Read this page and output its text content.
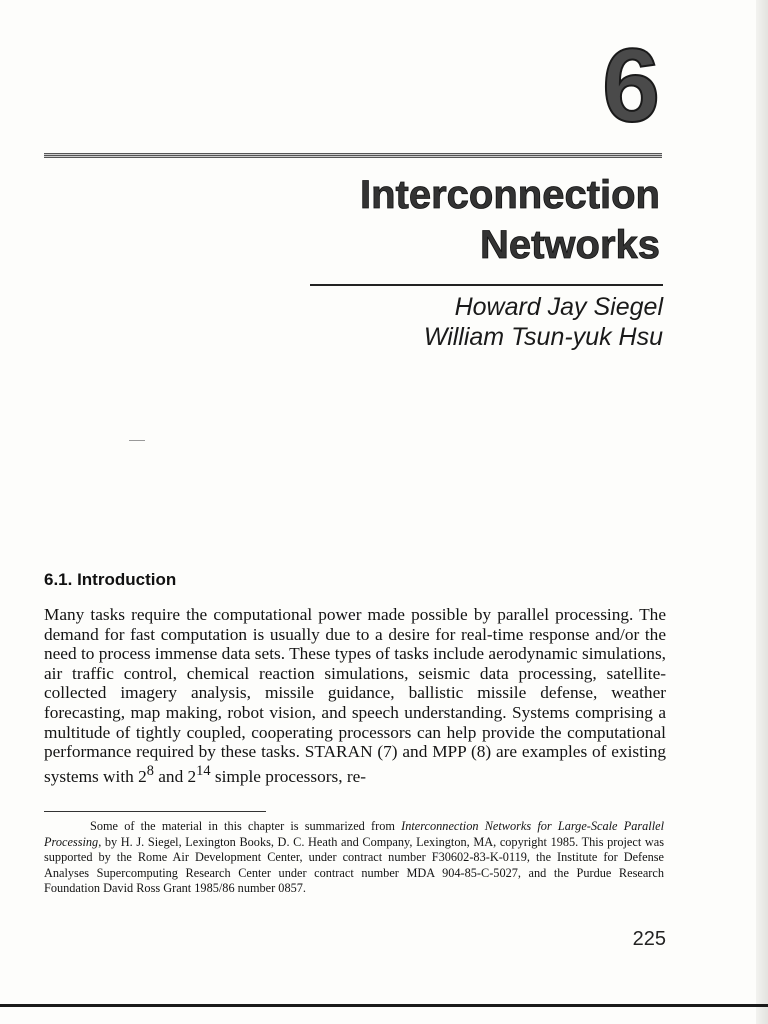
6
Interconnection
Networks
Howard Jay Siegel
William Tsun-yuk Hsu
6.1. Introduction

Many tasks require the computational power made possible by parallel processing. The demand for fast computation is usually due to a desire for real-time response and/or the need to process immense data sets. These types of tasks include aerodynamic simulations, air traffic control, chemical reaction simulations, seismic data processing, satellite-collected imagery analysis, missile guidance, ballistic missile defense, weather forecasting, map making, robot vision, and speech understanding. Systems comprising a multitude of tightly coupled, cooperating processors can help provide the computational performance required by these tasks. STARAN (7) and MPP (8) are examples of existing systems with $2^8$ and $2^{14}$ simple processors, re-

Some of the material in this chapter is summarized from Interconnection Networks for Large-Scale Parallel Processing, by H. J. Siegel, Lexington Books, D. C. Heath and Company, Lexington, MA, copyright 1985. This project was supported by the Rome Air Development Center, under contract number F30602-83-K-0119, the Institute for Defense Analyses Supercomputing Research Center under contract number MDA 904-85-C-5027, and the Purdue Research Foundation David Ross Grant 1985/86 number 0857.

225
